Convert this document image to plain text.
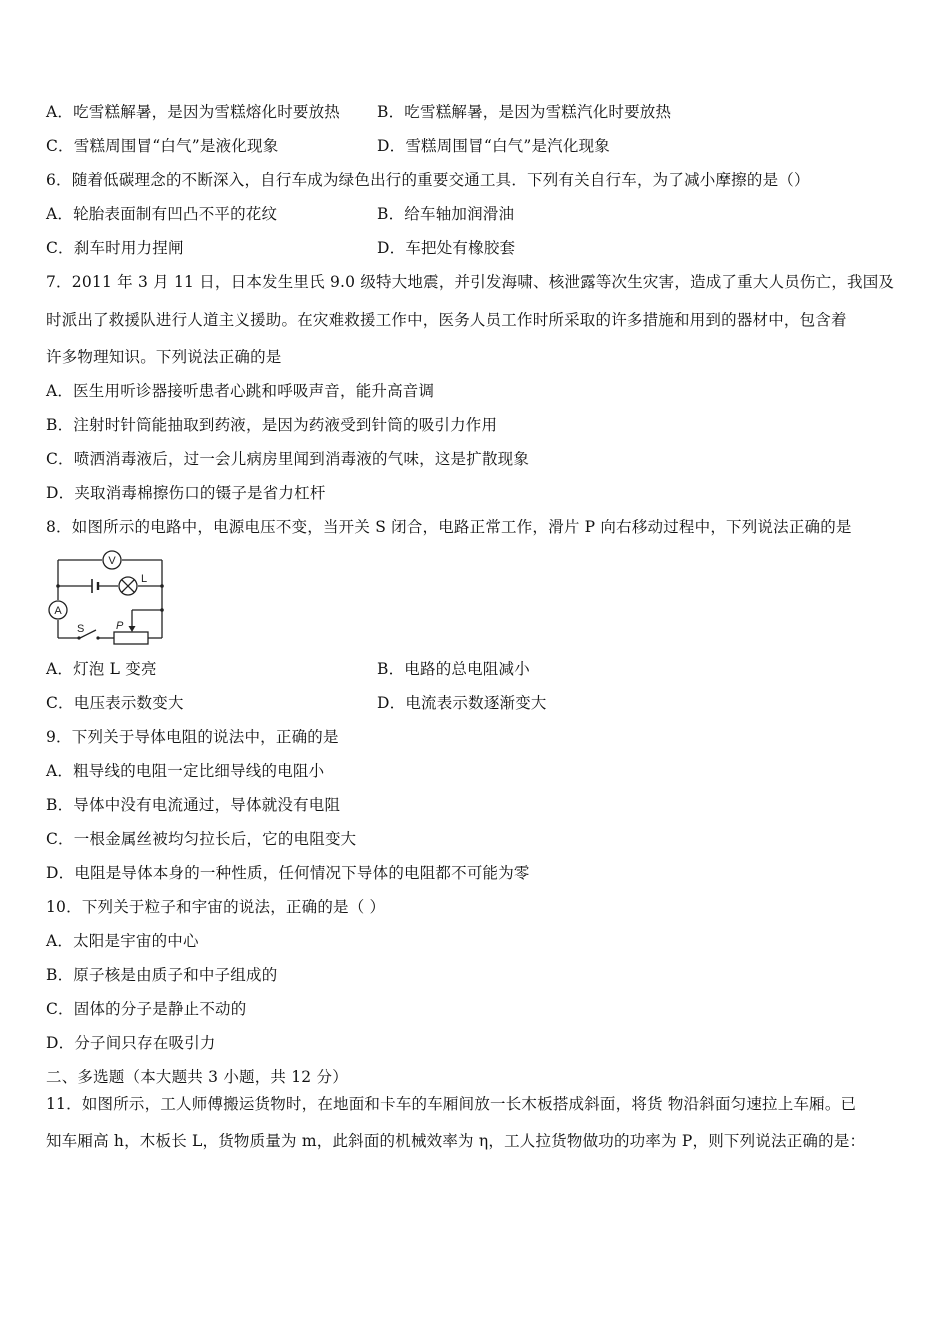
A．吃雪糕解暑，是因为雪糕熔化时要放热 B．吃雪糕解暑，是因为雪糕汽化时要放热
C．雪糕周围冒“白气”是液化现象	D．雪糕周围冒“白气”是汽化现象
6．随着低碳理念的不断深入，自行车成为绿色出行的重要交通工具．下列有关自行车，为了减小摩擦的是（）
A．轮胎表面制有凹凸不平的花纹	B．给车轴加润滑油
C．刹车时用力捏闸	D．车把处有橡胶套
7．2011 年 3 月 11 日，日本发生里氏 9.0 级特大地震，并引发海啸、核泄露等次生灾害，造成了重大人员伤亡，我国及
时派出了救援队进行人道主义援助。在灾难救援工作中，医务人员工作时所采取的许多措施和用到的器材中，包含着
许多物理知识。下列说法正确的是
A．医生用听诊器接听患者心跳和呼吸声音，能升高音调
B．注射时针筒能抽取到药液，是因为药液受到针筒的吸引力作用
C．喷洒消毒液后，过一会儿病房里闻到消毒液的气味，这是扩散现象
D．夹取消毒棉擦伤口的镊子是省力杠杆
8．如图所示的电路中，电源电压不变，当开关 S 闭合，电路正常工作，滑片 P 向右移动过程中，下列说法正确的是
V
L
A
S	P
A．灯泡 L 变亮	B．电路的总电阻减小
C．电压表示数变大	D．电流表示数逐渐变大
9．下列关于导体电阻的说法中，正确的是
A．粗导线的电阻一定比细导线的电阻小
B．导体中没有电流通过，导体就没有电阻
C．一根金属丝被均匀拉长后，它的电阻变大
D．电阻是导体本身的一种性质，任何情况下导体的电阻都不可能为零
10．下列关于粒子和宇宙的说法，正确的是（ ）
A．太阳是宇宙的中心
B．原子核是由质子和中子组成的
C．固体的分子是静止不动的
D．分子间只存在吸引力
二、多选题（本大题共 3 小题，共 12 分）
11．如图所示，工人师傅搬运货物时，在地面和卡车的车厢间放一长木板搭成斜面，将货 物沿斜面匀速拉上车厢。已
知车厢高 h，木板长 L，货物质量为 m，此斜面的机械效率为 η，工人拉货物做功的功率为 P，则下列说法正确的是：
